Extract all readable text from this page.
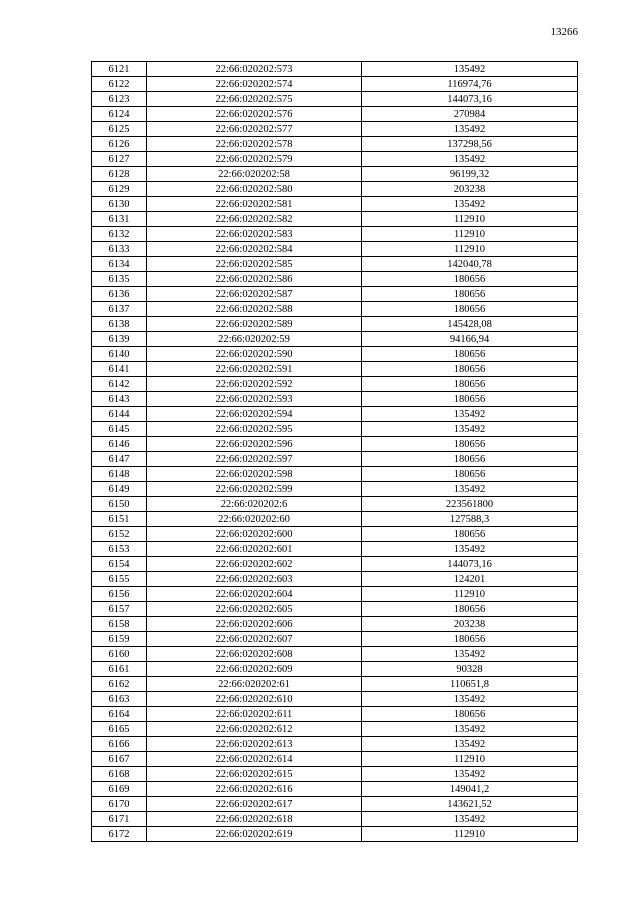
13266
6121	22:66:020202:573	135492
6122	22:66:020202:574	116974,76
6123	22:66:020202:575	144073,16
6124	22:66:020202:576	270984
6125	22:66:020202:577	135492
6126	22:66:020202:578	137298,56
6127	22:66:020202:579	135492
6128	22:66:020202:58	96199,32
6129	22:66:020202:580	203238
6130	22:66:020202:581	135492
6131	22:66:020202:582	112910
6132	22:66:020202:583	112910
6133	22:66:020202:584	112910
6134	22:66:020202:585	142040,78
6135	22:66:020202:586	180656
6136	22:66:020202:587	180656
6137	22:66:020202:588	180656
6138	22:66:020202:589	145428,08
6139	22:66:020202:59	94166,94
6140	22:66:020202:590	180656
6141	22:66:020202:591	180656
6142	22:66:020202:592	180656
6143	22:66:020202:593	180656
6144	22:66:020202:594	135492
6145	22:66:020202:595	135492
6146	22:66:020202:596	180656
6147	22:66:020202:597	180656
6148	22:66:020202:598	180656
6149	22:66:020202:599	135492
6150	22:66:020202:6	223561800
6151	22:66:020202:60	127588,3
6152	22:66:020202:600	180656
6153	22:66:020202:601	135492
6154	22:66:020202:602	144073,16
6155	22:66:020202:603	124201
6156	22:66:020202:604	112910
6157	22:66:020202:605	180656
6158	22:66:020202:606	203238
6159	22:66:020202:607	180656
6160	22:66:020202:608	135492
6161	22:66:020202:609	90328
6162	22:66:020202:61	110651,8
6163	22:66:020202:610	135492
6164	22:66:020202:611	180656
6165	22:66:020202:612	135492
6166	22:66:020202:613	135492
6167	22:66:020202:614	112910
6168	22:66:020202:615	135492
6169	22:66:020202:616	149041,2
6170	22:66:020202:617	143621,52
6171	22:66:020202:618	135492
6172	22:66:020202:619	112910
